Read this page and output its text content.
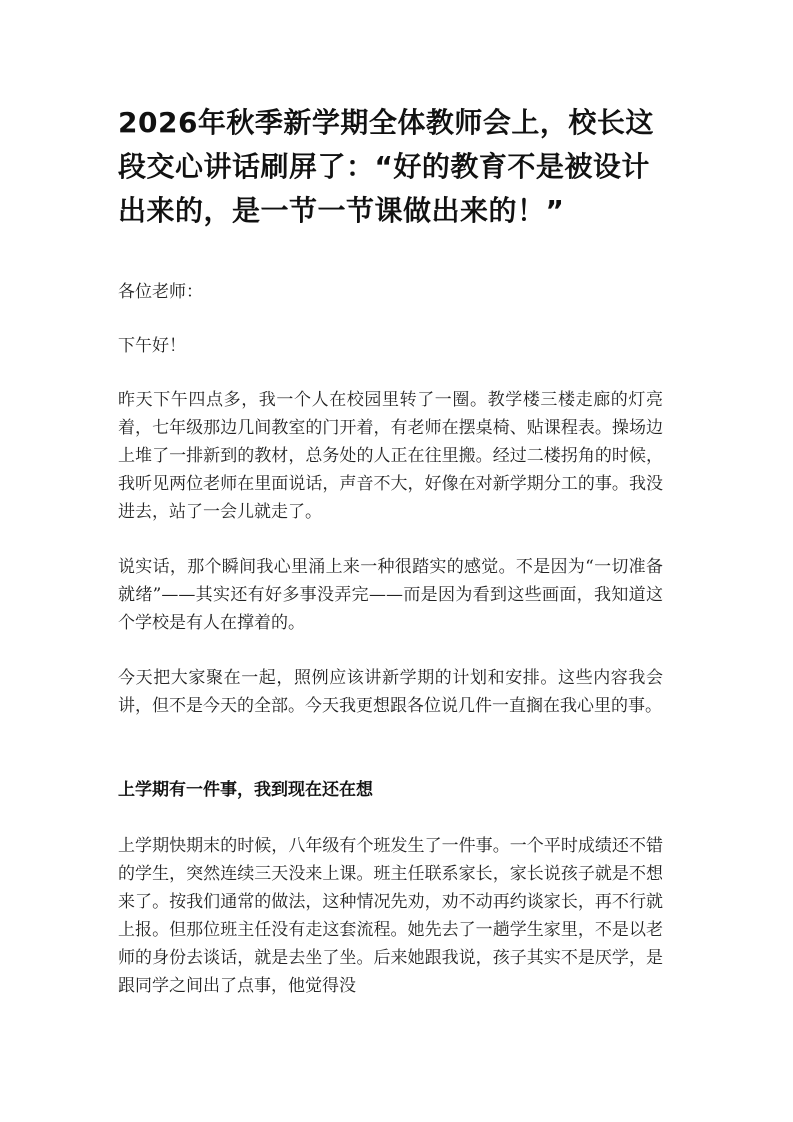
2026年秋季新学期全体教师会上，校长这段交心讲话刷屏了：“好的教育不是被设计出来的，是一节一节课做出来的！”

各位老师：

下午好！

昨天下午四点多，我一个人在校园里转了一圈。教学楼三楼走廊的灯亮着，七年级那边几间教室的门开着，有老师在摆桌椅、贴课程表。操场边上堆了一排新到的教材，总务处的人正在往里搬。经过二楼拐角的时候，我听见两位老师在里面说话，声音不大，好像在对新学期分工的事。我没进去，站了一会儿就走了。

说实话，那个瞬间我心里涌上来一种很踏实的感觉。不是因为“一切准备就绪”——其实还有好多事没弄完——而是因为看到这些画面，我知道这个学校是有人在撑着的。

今天把大家聚在一起，照例应该讲新学期的计划和安排。这些内容我会讲，但不是今天的全部。今天我更想跟各位说几件一直搁在我心里的事。

上学期有一件事，我到现在还在想

上学期快期末的时候，八年级有个班发生了一件事。一个平时成绩还不错的学生，突然连续三天没来上课。班主任联系家长，家长说孩子就是不想来了。按我们通常的做法，这种情况先劝，劝不动再约谈家长，再不行就上报。但那位班主任没有走这套流程。她先去了一趟学生家里，不是以老师的身份去谈话，就是去坐了坐。后来她跟我说，孩子其实不是厌学，是跟同学之间出了点事，他觉得没
